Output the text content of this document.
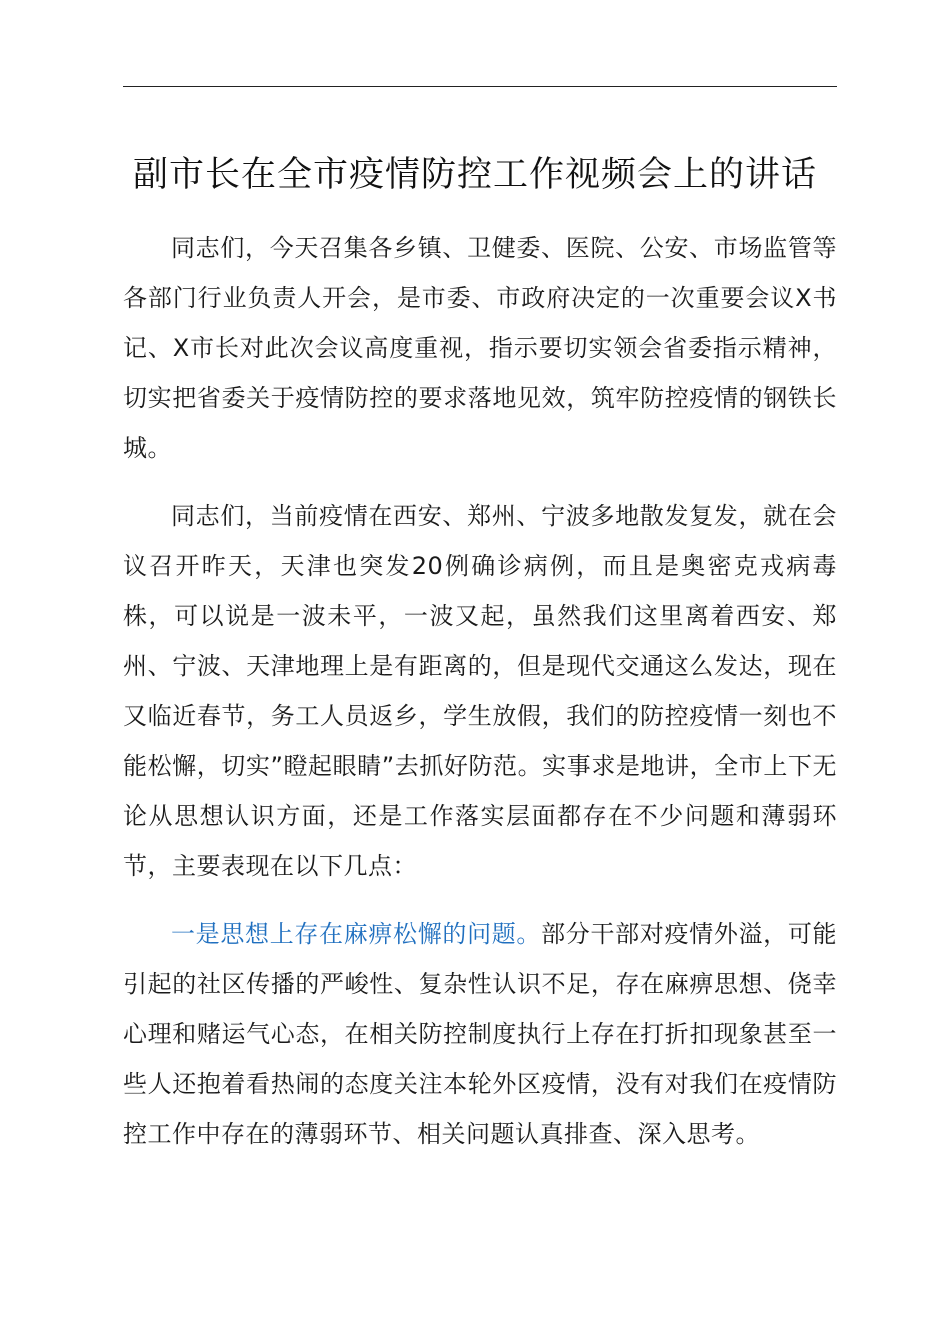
副市长在全市疫情防控工作视频会上的讲话

同志们，今天召集各乡镇、卫健委、医院、公安、市场监管等各部门行业负责人开会，是市委、市政府决定的一次重要会议X书记、X市长对此次会议高度重视，指示要切实领会省委指示精神，切实把省委关于疫情防控的要求落地见效，筑牢防控疫情的钢铁长城。

同志们，当前疫情在西安、郑州、宁波多地散发复发，就在会议召开昨天，天津也突发20例确诊病例，而且是奥密克戎病毒株，可以说是一波未平，一波又起，虽然我们这里离着西安、郑州、宁波、天津地理上是有距离的，但是现代交通这么发达，现在又临近春节，务工人员返乡，学生放假，我们的防控疫情一刻也不能松懈，切实”瞪起眼睛”去抓好防范。实事求是地讲，全市上下无论从思想认识方面，还是工作落实层面都存在不少问题和薄弱环节，主要表现在以下几点：

一是思想上存在麻痹松懈的问题。部分干部对疫情外溢，可能引起的社区传播的严峻性、复杂性认识不足，存在麻痹思想、侥幸心理和赌运气心态，在相关防控制度执行上存在打折扣现象甚至一些人还抱着看热闹的态度关注本轮外区疫情，没有对我们在疫情防控工作中存在的薄弱环节、相关问题认真排查、深入思考。
